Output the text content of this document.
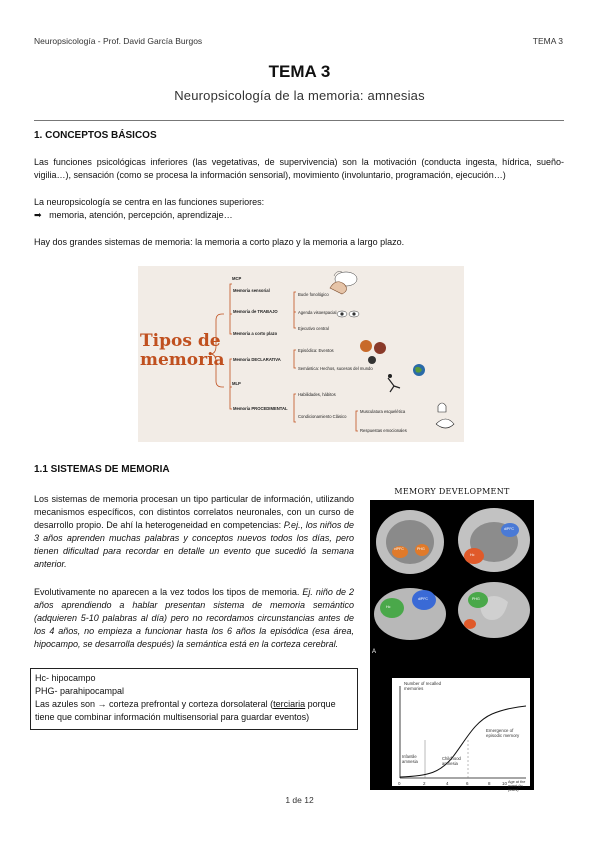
Neuropsicología - Prof. David García Burgos	TEMA 3
TEMA 3
Neuropsicología de la memoria: amnesias
1. CONCEPTOS BÁSICOS
Las funciones psicológicas inferiores (las vegetativas, de supervivencia) son la motivación (conducta ingesta, hídrica, sueño-vigilia…), sensación (como se procesa la información sensorial), movimiento (involuntario, programación, ejecución…)
La neuropsicología se centra en las funciones superiores:
➡ memoria, atención, percepción, aprendizaje…
Hay dos grandes sistemas de memoria: la memoria a corto plazo y la memoria a largo plazo.
Tipos de
memoria
MCP
MLP
Memoria sensorial
Memoria de TRABAJO
Memoria a corto plazo
Memoria DECLARATIVA
Memoria PROCEDIMENTAL
Bucle fonológico
Agenda visoespacial
Ejecutivo central
Episódica: Eventos
Semántica: Hechos, sucesos del mundo
Habilidades, hábitos
Condicionamiento Clásico
Musculatura esquelética
Respuestas emocionales
1.1 SISTEMAS DE MEMORIA
Los sistemas de memoria procesan un tipo particular de información, utilizando mecanismos específicos, con distintos correlatos neuronales, con un curso de desarrollo propio. De ahí la heterogeneidad en competencias: P.ej., los niños de 3 años aprenden muchas palabras y conceptos nuevos todos los días, pero tienen dificultad para recordar en detalle un evento que sucedió la semana anterior.
Evolutivamente no aparecen a la vez todos los tipos de memoria. Ej. niño de 2 años aprendiendo a hablar presentan sistema de memoria semántico (adquieren 5-10 palabras al día) pero no recordamos circunstancias antes de los 4 años, no empieza a funcionar hasta los 6 años la episódica (esa área, hipocampo, se desarrolla después) la semántica está en la corteza cerebral.
Hc- hipocampo
PHG- parahipocampal
Las azules son → corteza prefrontal y corteza dorsolateral (terciaria porque tiene que combinar información multisensorial para guardar eventos)
MEMORY DEVELOPMENT
A
Number of recalled memories
Emergence of episodic memory
Infantile amnesia
Childhood amnesia
Age at the event (in years)
0	2	4	6	8	10
vlPFC	PHG
Hc
dlPFC
Hc
dlPFC	PHG
1 de 12
